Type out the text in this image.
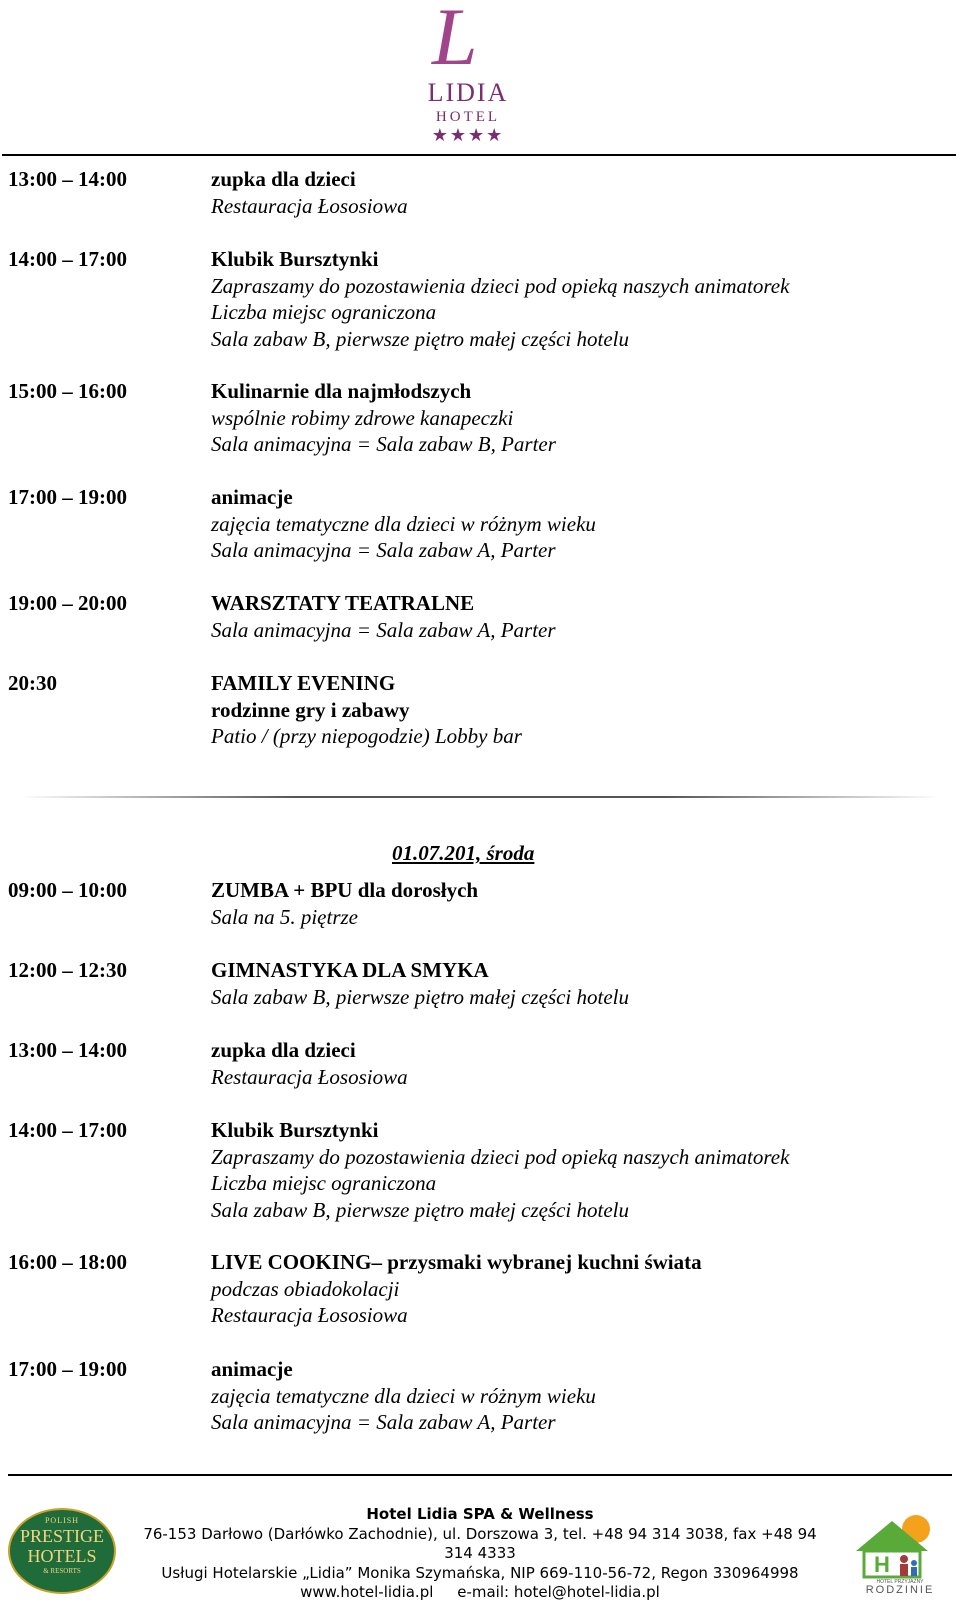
L
LIDIA
HOTEL
★★★★
13:00 – 14:00	zupka dla dzieci
Restauracja Łososiowa
14:00 – 17:00	Klubik Bursztynki
Zapraszamy do pozostawienia dzieci pod opieką naszych animatorek
Liczba miejsc ograniczona
Sala zabaw B, pierwsze piętro małej części hotelu
15:00 – 16:00	Kulinarnie dla najmłodszych
wspólnie robimy zdrowe kanapeczki
Sala animacyjna = Sala zabaw B, Parter
17:00 – 19:00	animacje
zajęcia tematyczne dla dzieci w różnym wieku
Sala animacyjna = Sala zabaw A, Parter
19:00 – 20:00	WARSZTATY TEATRALNE
Sala animacyjna = Sala zabaw A, Parter
20:30	FAMILY EVENING
rodzinne gry i zabawy
Patio / (przy niepogodzie) Lobby bar
01.07.201, środa
09:00 – 10:00	ZUMBA + BPU dla dorosłych
Sala na 5. piętrze
12:00 – 12:30	GIMNASTYKA DLA SMYKA
Sala zabaw B, pierwsze piętro małej części hotelu
13:00 – 14:00	zupka dla dzieci
Restauracja Łososiowa
14:00 – 17:00	Klubik Bursztynki
Zapraszamy do pozostawienia dzieci pod opieką naszych animatorek
Liczba miejsc ograniczona
Sala zabaw B, pierwsze piętro małej części hotelu
16:00 – 18:00	LIVE COOKING– przysmaki wybranej kuchni świata
podczas obiadokolacji
Restauracja Łososiowa
17:00 – 19:00	animacje
zajęcia tematyczne dla dzieci w różnym wieku
Sala animacyjna = Sala zabaw A, Parter
POLISH
PRESTIGE
HOTELS
& RESORTS
Hotel Lidia SPA & Wellness
76-153 Darłowo (Darłówko Zachodnie), ul. Dorszowa 3, tel. +48 94 314 3038, fax +48 94 314 4333
Usługi Hotelarskie „Lidia” Monika Szymańska, NIP 669-110-56-72, Regon 330964998
www.hotel-lidia.pl     e-mail: hotel@hotel-lidia.pl
H
RODZINIE
HOTEL PRZYJAZNY
